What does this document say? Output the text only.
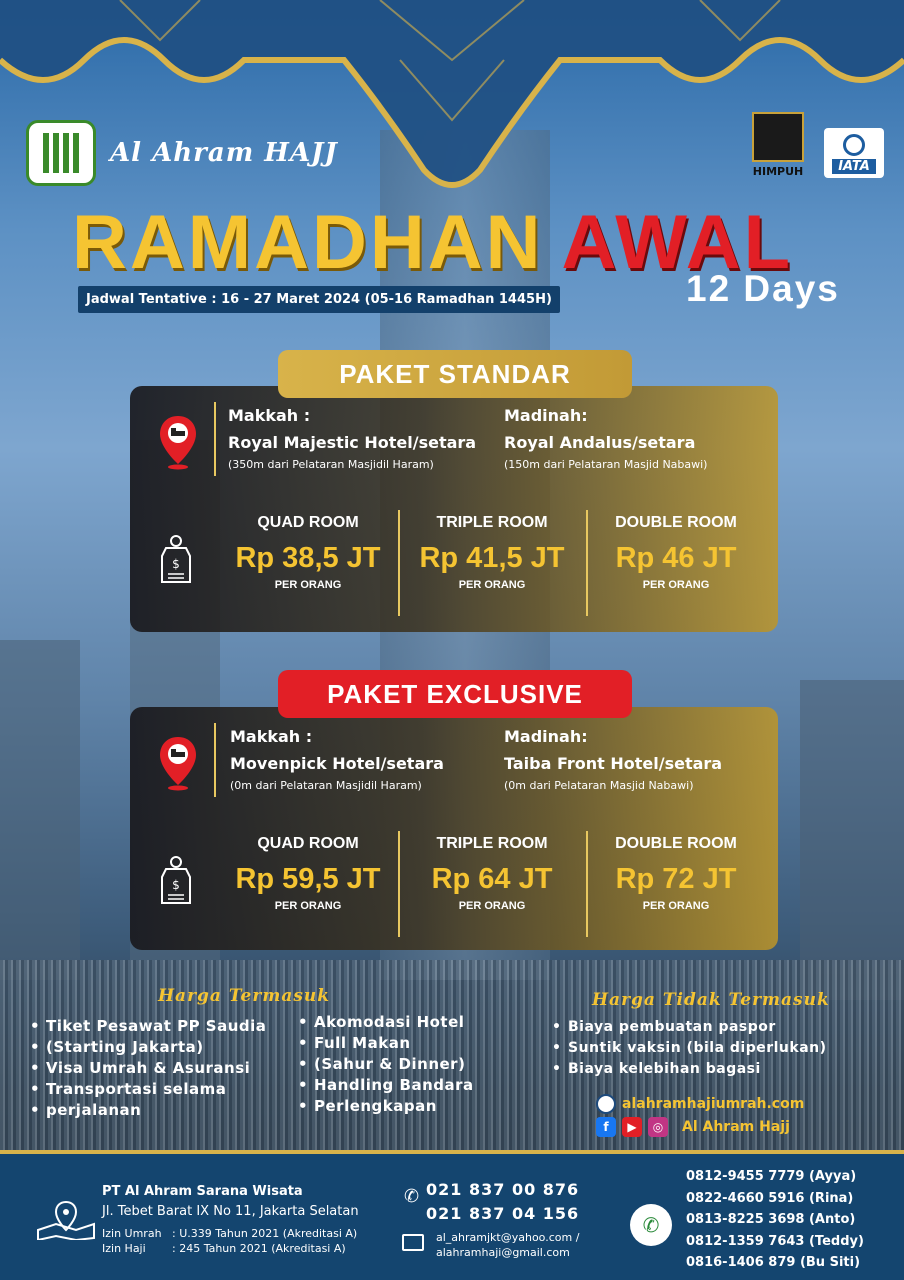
Al Ahram HAJJ
HIMPUH	IATA
RAMADHAN AWAL
12 Days
Jadwal Tentative : 16 - 27 Maret 2024 (05-16 Ramadhan 1445H)
Makkah :
Royal Majestic Hotel/setara
(350m dari Pelataran Masjidil Haram)
Madinah:
Royal Andalus/setara
(150m dari Pelataran Masjid Nabawi)
$
QUAD ROOM
Rp 38,5 JT
PER ORANG
TRIPLE ROOM
Rp 41,5 JT
PER ORANG
DOUBLE ROOM
Rp 46 JT
PER ORANG
PAKET STANDAR
Makkah :
Movenpick Hotel/setara
(0m dari Pelataran Masjidil Haram)
Madinah:
Taiba Front Hotel/setara
(0m dari Pelataran Masjid Nabawi)
$
QUAD ROOM
Rp 59,5 JT
PER ORANG
TRIPLE ROOM
Rp 64 JT
PER ORANG
DOUBLE ROOM
Rp 72 JT
PER ORANG
PAKET EXCLUSIVE
Harga Termasuk
• Tiket Pesawat PP Saudia
• (Starting Jakarta)
• Visa Umrah & Asuransi
• Transportasi selama
• perjalanan
• Akomodasi Hotel
• Full Makan
• (Sahur & Dinner)
• Handling Bandara
• Perlengkapan
Harga Tidak Termasuk
• Biaya pembuatan paspor
• Suntik vaksin (bila diperlukan)
• Biaya kelebihan bagasi
alahramhajiumrah.com
f	▶	◎	Al Ahram Hajj
PT Al Ahram Sarana Wisata
Jl. Tebet Barat IX No 11, Jakarta Selatan
Izin Umrah : U.339 Tahun 2021 (Akreditasi A)
Izin Haji	: 245 Tahun 2021 (Akreditasi A)
✆ 021 837 00 876
021 837 04 156
al_ahramjkt@yahoo.com /
alahramhaji@gmail.com
✆
0812-9455 7779 (Ayya)
0822-4660 5916 (Rina)
0813-8225 3698 (Anto)
0812-1359 7643 (Teddy)
0816-1406 879 (Bu Siti)
